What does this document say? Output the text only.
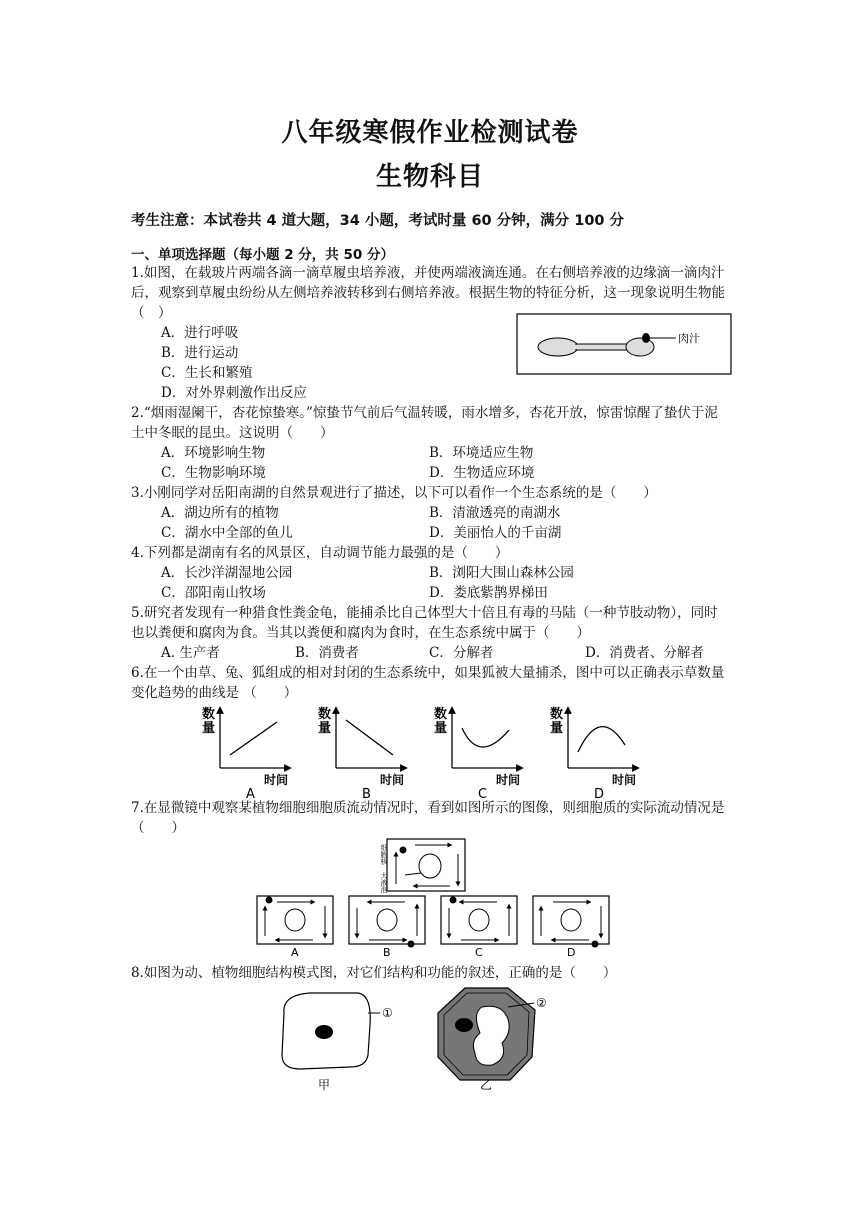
八年级寒假作业检测试卷
生物科目
考生注意：本试卷共 4 道大题，34 小题，考试时量 60 分钟，满分 100 分
一、单项选择题（每小题 2 分，共 50 分）
1.如图，在载玻片两端各滴一滴草履虫培养液，并使两端液滴连通。在右侧培养液的边缘滴一滴肉汁后，观察到草履虫纷纷从左侧培养液转移到右侧培养液。根据生物的特征分析，这一现象说明生物能（　）
A．进行呼吸
B．进行运动
C．生长和繁殖
D．对外界刺激作出反应
肉汁
2.“烟雨湿阑干，杏花惊蛰寒。”惊蛰节气前后气温转暖，雨水增多，杏花开放，惊雷惊醒了蛰伏于泥土中冬眠的昆虫。这说明（　　）
A．环境影响生物	B．环境适应生物
C．生物影响环境	D．生物适应环境
3.小刚同学对岳阳南湖的自然景观进行了描述，以下可以看作一个生态系统的是（　　）
A．湖边所有的植物	B．清澈透亮的南湖水
C．湖水中全部的鱼儿	D．美丽怡人的千亩湖
4.下列都是湖南有名的风景区，自动调节能力最强的是（　　）
A．长沙洋湖湿地公园	B．浏阳大围山森林公园
C．邵阳南山牧场	D．娄底紫鹊界梯田
5.研究者发现有一种猎食性粪金龟，能捕杀比自己体型大十倍且有毒的马陆（一种节肢动物），同时也以粪便和腐肉为食。当其以粪便和腐肉为食时，在生态系统中属于（　　）
A. 生产者	B．消费者	C．分解者	D．消费者、分解者
6.在一个由草、兔、狐组成的相对封闭的生态系统中，如果狐被大量捕杀，图中可以正确表示草数量变化趋势的曲线是 （　　）
数
量
时间
A
数
量
时间
B
数
量
时间
C
数
量
时间
D
7.在显微镜中观察某植物细胞细胞质流动情况时，看到如图所示的图像，则细胞质的实际流动情况是（　　）
细胞核
大液泡
A	B	C	D
8.如图为动、植物细胞结构模式图，对它们结构和功能的叙述，正确的是（　　）
①
甲
②
乙
